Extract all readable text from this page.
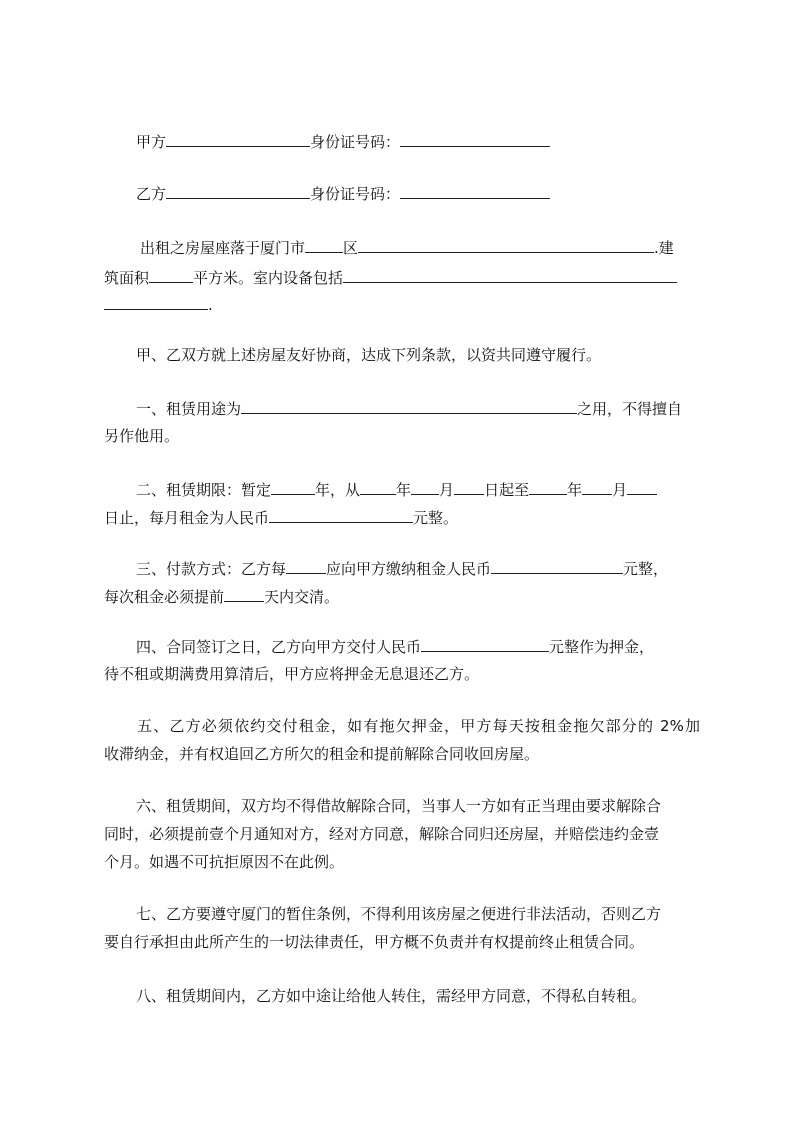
甲方	身份证号码：
乙方	身份证号码：
出租之房屋座落于厦门市	区	.建
筑面积	平方米。室内设备包括
.
甲、乙双方就上述房屋友好协商，达成下列条款，以资共同遵守履行。
一、租赁用途为	之用，不得擅自
另作他用。
二、租赁期限：暂定	年，从 年 月 日起至	年 月
日止，每月租金为人民币	元整。
三、付款方式：乙方每	应向甲方缴纳租金人民币	元整，
每次租金必须提前	天内交清。
四、合同签订之日，乙方向甲方交付人民币	元整作为押金，
待不租或期满费用算清后，甲方应将押金无息退还乙方。
五、乙方必须依约交付租金，如有拖欠押金，甲方每天按租金拖欠部分的 2%加
收滞纳金，并有权追回乙方所欠的租金和提前解除合同收回房屋。
六、租赁期间，双方均不得借故解除合同，当事人一方如有正当理由要求解除合
同时，必须提前壹个月通知对方，经对方同意，解除合同归还房屋，并赔偿违约金壹
个月。如遇不可抗拒原因不在此例。
七、乙方要遵守厦门的暂住条例，不得利用该房屋之便进行非法活动，否则乙方
要自行承担由此所产生的一切法律责任，甲方概不负责并有权提前终止租赁合同。
八、租赁期间内，乙方如中途让给他人转住，需经甲方同意，不得私自转租。
